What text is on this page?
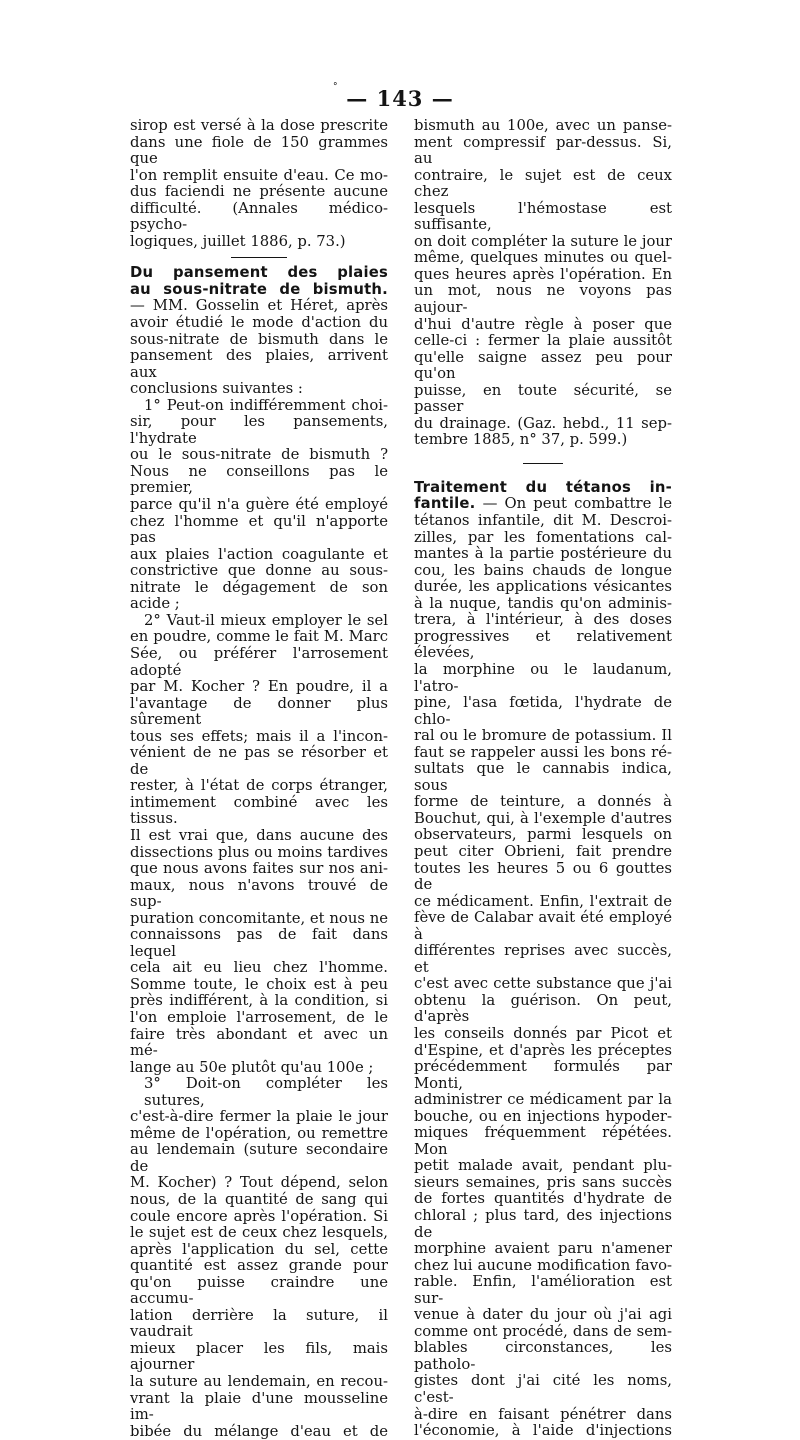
° — 143 —

sirop est versé à la dose prescrite

dans une fiole de 150 grammes que

l'on remplit ensuite d'eau. Ce mo-

dus faciendi ne présente aucune

difficulté. (Annales médico-psycho-

logiques, juillet 1886, p. 73.)

Du pansement des plaies

au sous-nitrate de bismuth.

— MM. Gosselin et Héret, après

avoir étudié le mode d'action du

sous-nitrate de bismuth dans le

pansement des plaies, arrivent aux

conclusions suivantes :

1° Peut-on indifféremment choi-

sir, pour les pansements, l'hydrate

ou le sous-nitrate de bismuth ?

Nous ne conseillons pas le premier,

parce qu'il n'a guère été employé

chez l'homme et qu'il n'apporte pas

aux plaies l'action coagulante et

constrictive que donne au sous-

nitrate le dégagement de son acide ;

2° Vaut-il mieux employer le sel

en poudre, comme le fait M. Marc

Sée, ou préférer l'arrosement adopté

par M. Kocher ? En poudre, il a

l'avantage de donner plus sûrement

tous ses effets; mais il a l'incon-

vénient de ne pas se résorber et de

rester, à l'état de corps étranger,

intimement combiné avec les tissus.

Il est vrai que, dans aucune des

dissections plus ou moins tardives

que nous avons faites sur nos ani-

maux, nous n'avons trouvé de sup-

puration concomitante, et nous ne

connaissons pas de fait dans lequel

cela ait eu lieu chez l'homme.

Somme toute, le choix est à peu

près indifférent, à la condition, si

l'on emploie l'arrosement, de le

faire très abondant et avec un mé-

lange au 50e plutôt qu'au 100e ;

3° Doit-on compléter les sutures,

c'est-à-dire fermer la plaie le jour

même de l'opération, ou remettre

au lendemain (suture secondaire de

M. Kocher) ? Tout dépend, selon

nous, de la quantité de sang qui

coule encore après l'opération. Si

le sujet est de ceux chez lesquels,

après l'application du sel, cette

quantité est assez grande pour

qu'on puisse craindre une accumu-

lation derrière la suture, il vaudrait

mieux placer les fils, mais ajourner

la suture au lendemain, en recou-

vrant la plaie d'une mousseline im-

bibée du mélange d'eau et de

bismuth au 100e, avec un panse-

ment compressif par-dessus. Si, au

contraire, le sujet est de ceux chez

lesquels l'hémostase est suffisante,

on doit compléter la suture le jour

même, quelques minutes ou quel-

ques heures après l'opération. En

un mot, nous ne voyons pas aujour-

d'hui d'autre règle à poser que

celle-ci : fermer la plaie aussitôt

qu'elle saigne assez peu pour qu'on

puisse, en toute sécurité, se passer

du drainage. (Gaz. hebd., 11 sep-

tembre 1885, n° 37, p. 599.)

Traitement du tétanos in-

fantile. — On peut combattre le

tétanos infantile, dit M. Descroi-

zilles, par les fomentations cal-

mantes à la partie postérieure du

cou, les bains chauds de longue

durée, les applications vésicantes

à la nuque, tandis qu'on adminis-

trera, à l'intérieur, à des doses

progressives et relativement élevées,

la morphine ou le laudanum, l'atro-

pine, l'asa fœtida, l'hydrate de chlo-

ral ou le bromure de potassium. Il

faut se rappeler aussi les bons ré-

sultats que le cannabis indica, sous

forme de teinture, a donnés à

Bouchut, qui, à l'exemple d'autres

observateurs, parmi lesquels on

peut citer Obrieni, fait prendre

toutes les heures 5 ou 6 gouttes de

ce médicament. Enfin, l'extrait de

fève de Calabar avait été employé à

différentes reprises avec succès, et

c'est avec cette substance que j'ai

obtenu la guérison. On peut, d'après

les conseils donnés par Picot et

d'Espine, et d'après les préceptes

précédemment formulés par Monti,

administrer ce médicament par la

bouche, ou en injections hypoder-

miques fréquemment répétées. Mon

petit malade avait, pendant plu-

sieurs semaines, pris sans succès

de fortes quantités d'hydrate de

chloral ; plus tard, des injections de

morphine avaient paru n'amener

chez lui aucune modification favo-

rable. Enfin, l'amélioration est sur-

venue à dater du jour où j'ai agi

comme ont procédé, dans de sem-

blables circonstances, les patholo-

gistes dont j'ai cité les noms, c'est-

à-dire en faisant pénétrer dans

l'économie, à l'aide d'injections
